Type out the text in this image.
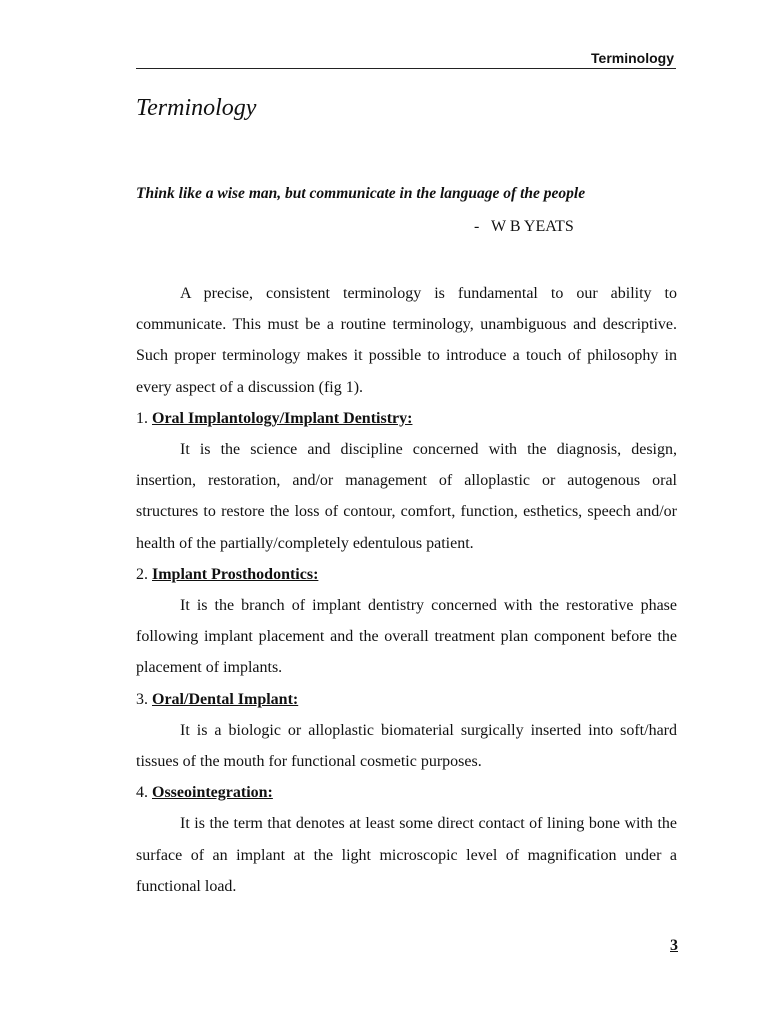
Terminology
Terminology

Think like a wise man, but communicate in the language of the people

-   W B YEATS

A precise, consistent terminology is fundamental to our ability to communicate. This must be a routine terminology, unambiguous and descriptive. Such proper terminology makes it possible to introduce a touch of philosophy in every aspect of a discussion (fig 1).

1. Oral Implantology/Implant Dentistry:

It is the science and discipline concerned with the diagnosis, design, insertion, restoration, and/or management of alloplastic or autogenous oral structures to restore the loss of contour, comfort, function, esthetics, speech and/or health of the partially/completely edentulous patient.

2. Implant Prosthodontics:

It is the branch of implant dentistry concerned with the restorative phase following implant placement and the overall treatment plan component before the placement of implants.

3. Oral/Dental Implant:

It is a biologic or alloplastic biomaterial surgically inserted into soft/hard tissues of the mouth for functional cosmetic purposes.

4. Osseointegration:

It is the term that denotes at least some direct contact of lining bone with the surface of an implant at the light microscopic level of magnification under a functional load.

3
